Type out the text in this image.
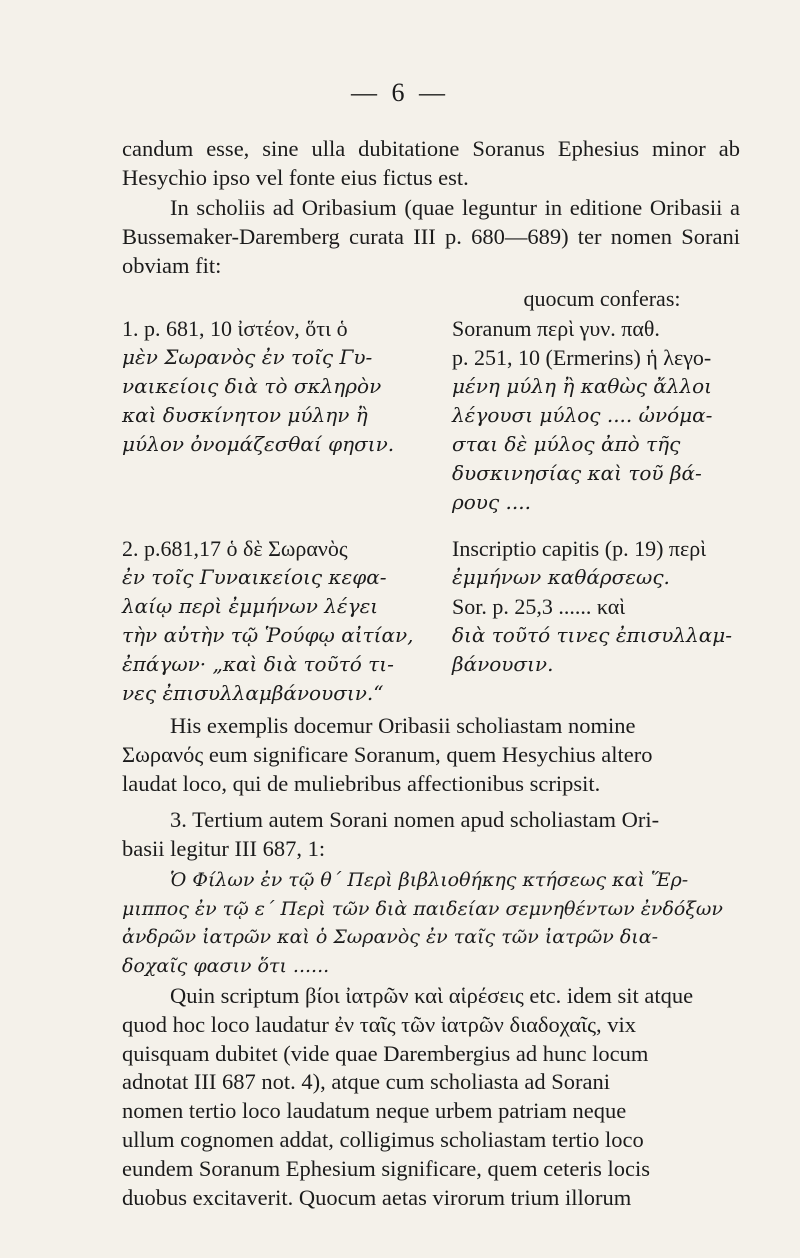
— 6 —

candum esse, sine ulla dubitatione Soranus Ephesius minor ab Hesychio ipso vel fonte eius fictus est.

In scholiis ad Oribasium (quae leguntur in editione Oribasii a Bussemaker-Daremberg curata III p. 680—689) ter nomen Sorani obviam fit:

quocum conferas:
1. p. 681, 10 ἰστέον, ὅτι ὁ
μὲν Σωρανὸς ἐν τοῖς Γυ-
ναικείοις διὰ τὸ σκληρὸν
καὶ δυσκίνητον μύλην ἢ
μύλον ὀνομάζεσθαί φησιν.
Soranum περὶ γυν. παθ.
p. 251, 10 (Ermerins) ἡ λεγο-
μένη μύλη ἢ καθὼς ἄλλοι
λέγουσι μύλος .... ὠνόμα-
σται δὲ μύλος ἀπὸ τῆς
δυσκινησίας καὶ τοῦ βά-
ρους ....
2. p.681,17 ὁ δὲ Σωρανὸς
ἐν τοῖς Γυναικείοις κεφα-
λαίῳ περὶ ἐμμήνων λέγει
τὴν αὐτὴν τῷ Ῥούφῳ αἰτίαν,
ἐπάγων· „καὶ διὰ τοῦτό τι-
νες ἐπισυλλαμβάνουσιν.“
Inscriptio capitis (p. 19) περὶ
ἐμμήνων καθάρσεως.
Sor. p. 25,3 ...... καὶ
διὰ τοῦτό τινες ἐπισυλλαμ-
βάνουσιν.
His exemplis docemur Oribasii scholiastam nomine
Σωρανός eum significare Soranum, quem Hesychius altero
laudat loco, qui de muliebribus affectionibus scripsit.
3. Tertium autem Sorani nomen apud scholiastam Ori-
basii legitur III 687, 1:
Ὁ Φίλων ἐν τῷ θ΄ Περὶ βιβλιοθήκης κτήσεως καὶ Ἕρ-
μιππος ἐν τῷ ε΄ Περὶ τῶν διὰ παιδείαν σεμνηθέντων ἐνδόξων
ἀνδρῶν ἰατρῶν καὶ ὁ Σωρανὸς ἐν ταῖς τῶν ἰατρῶν δια-
δοχαῖς φασιν ὅτι ......
Quin scriptum βίοι ἰατρῶν καὶ αἱρέσεις etc. idem sit atque
quod hoc loco laudatur ἐν ταῖς τῶν ἰατρῶν διαδοχαῖς, vix
quisquam dubitet (vide quae Darembergius ad hunc locum
adnotat III 687 not. 4), atque cum scholiasta ad Sorani
nomen tertio loco laudatum neque urbem patriam neque
ullum cognomen addat, colligimus scholiastam tertio loco
eundem Soranum Ephesium significare, quem ceteris locis
duobus excitaverit. Quocum aetas virorum trium illorum
